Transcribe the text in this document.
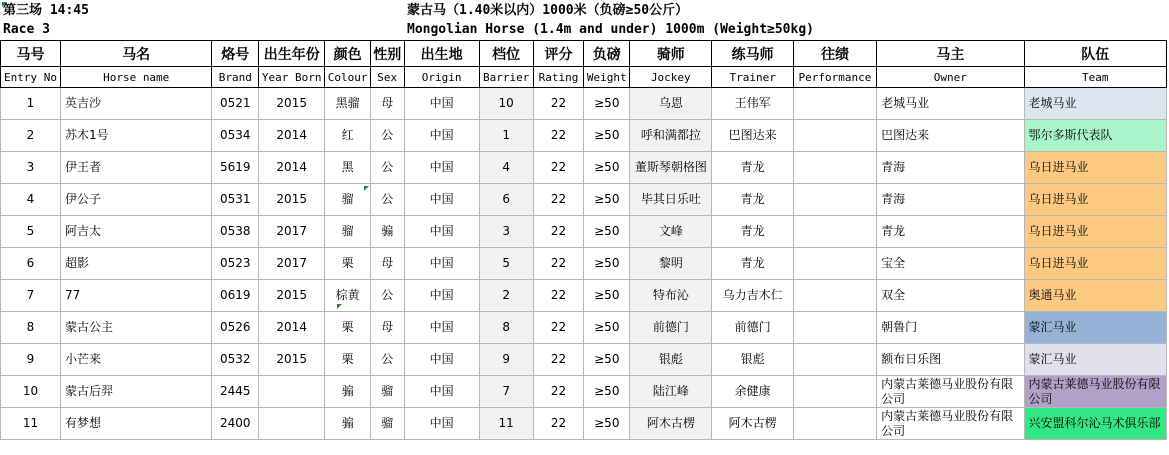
第三场 14:45	蒙古马（1.40米以内）1000米（负磅≥50公斤）
Race 3	Mongolian Horse (1.4m and under) 1000m (Weight≥50kg)
马号	马名	烙号	出生年份	颜色	性别	出生地	档位	评分	负磅	骑师	练马师	往绩	马主	队伍
Entry No	Horse name	Brand	Year Born	Colour	Sex	Origin	Barrier	Rating	Weight	Jockey	Trainer	Performance	Owner	Team
1	英吉沙	0521	2015	黑骝	母	中国	10	22	≥50	乌恩	王伟军		老城马业	老城马业
2	苏木1号	0534	2014	红	公	中国	1	22	≥50	呼和满都拉	巴图达来		巴图达来	鄂尔多斯代表队
3	伊王者	5619	2014	黑	公	中国	4	22	≥50	董斯琴朝格图	青龙		青海	乌日进马业
4	伊公子	0531	2015	骝	公	中国	6	22	≥50	毕其日乐吐	青龙		青海	乌日进马业
5	阿吉太	0538	2017	骝	骟	中国	3	22	≥50	文峰	青龙		青龙	乌日进马业
6	超影	0523	2017	栗	母	中国	5	22	≥50	黎明	青龙		宝全	乌日进马业
7	77	0619	2015	棕黄	公	中国	2	22	≥50	特布沁	乌力吉木仁		双全	奥通马业
8	蒙古公主	0526	2014	栗	母	中国	8	22	≥50	前德门	前德门		朝鲁门	蒙汇马业
9	小芒来	0532	2015	栗	公	中国	9	22	≥50	银彪	银彪		额布日乐图	蒙汇马业
10	蒙古后羿	2445		骟	骝	中国	7	22	≥50	陆江峰	余健康		内蒙古莱德马业股份有限公司	内蒙古莱德马业股份有限公司
11	有梦想	2400		骟	骝	中国	11	22	≥50	阿木古楞	阿木古楞		内蒙古莱德马业股份有限公司	兴安盟科尔沁马术俱乐部
